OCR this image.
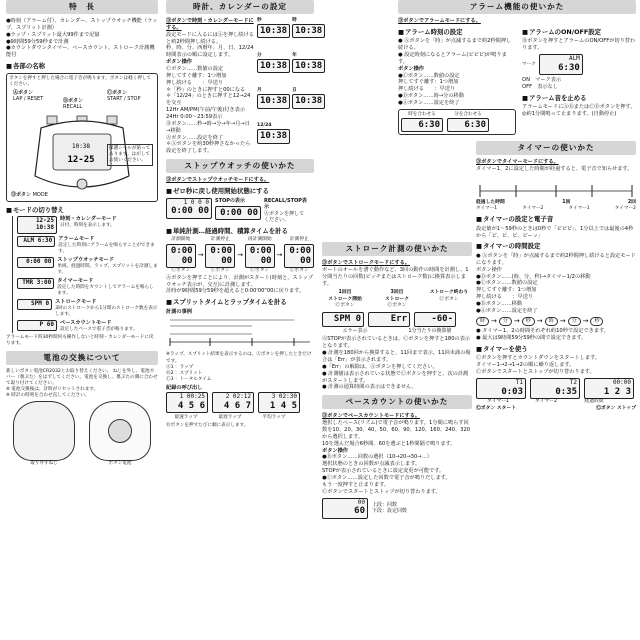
特　長
●時刻（アラーム付）、カレンダー、ストップウオッチ機能（ラップ、スプリット計測）
●ラップ・スプリット最大99件まで記憶
●9時間59分59秒まで計測
●カウントダウンタイマー、ペースカウント、ストローク計測機能付
■ 各部の名称
ボタンを押すと押した場合に電子音が鳴ります。ボタンは軽く押してください。
Ⓐボタン
LAP / RESET	Ⓑボタン
RECALL
Ⓒボタン
START / STOP
10:38
12-25
保護シールが貼ってあります。はがしてお使いください。
Ⓓボタン MODE
■ モードの切り替え
12-25 10:38
時刻・カレンダーモード
日付、時刻を表示します。
ALM 6:30 アラームモード
設定した時刻にアラームを鳴らすことができます。
0:00 00 ストップウオッチモード
単純、経過時間、ラップ、スプリットを計測します。
TMR 3:00 タイマーモード
設定した時間をカウントしてアラームを鳴らします。
SPM 0 ストロークモード
3回のストロークから1分間のストローク数を表示します。
P 60 ペースカウントモード
設定したペースで電子音が鳴ります。
アラームモード時30秒間何も操作しないと時刻・カレンダーモードに戻ります。
電池の交換について
新しいボタン電池CR2032とお取り替えください。 ねじを外し、電池カバー（裏ぶた）をはずしてください。電池を交換し、裏ぶたの溝に合わせて取り付けてください。
※ 電池交換後は、計時がリセットされます。
※ 時計の時刻を合わせ直してください。
取り外すねじ	ボタン電池
時計、カレンダーの設定
Ⓓボタンで時刻・カレンダーモードにする。
設定モードに入るにはⒶを押し続けると約2秒間押し続ける。
秒、時、分、西暦年、月、日、12/24時間表示の順に設定します。
ボタン操作
Ⓒボタン……数値の設定
押してすぐ離す：1つ増加
押し続ける　　：早送り
＊「秒」のときに押すと00になる
＊「12/24」のときに押すと12→24を交互
12Hr AM/PM(午前/午後)付き表示
24Hr 0:00〜23:59表示
Ⓓボタン……秒→時→分→年→月→日→移動
Ⓐボタン……設定を終了
＊Ⓐボタンを約30秒押さなかったら設定を終了します。
秒
10:38
時
10:38
分
10:38
年
10:38
月
10:38
日
10:38
12/24
10:38
ストップウオッチの使いかた
Ⓓボタンでストップウオッチモードにする。
■ ゼロ秒に戻し使用開始状態にする
1 0 0 0
0:00 00
STOPの表示
0:00 00
RECALL/STOP表示
Ⓐボタンを押してください。
■ 単純計測…経過時間、積算タイムを計る
計測開始
0:00 00
Ⓒボタン
→
計測停止
0:00 00
Ⓒボタン
→
再計測開始
0:00 00
Ⓒボタン
→
計測停止
0:00 00
Ⓒボタン
Ⓐボタンを押すことにより、計測がスタート(時刻と、ストップウオッチ表示が、交互)に計測します。
計時が9時間59分59秒を超えると0:00'00"00に戻ります。
■ スプリットタイムとラップタイムを計る
計測の事例
※ラップ、スプリット結果を表示するのは、Ⓐボタンを押したときだけです。
Ⓐ1 ：ラップ
Ⓑ2 ：スプリット
Ⓒ3 ：トータルタイム
記録の呼び出し
1 00:25
4 5 6
2 02:12
4 6 7
3 02:30
1 4 5
最速ラップ	最遅ラップ	平均ラップ
Ⓑボタンを押すたびに順に表示します。
ストローク計測の使いかた
Ⓓボタンでストロークモードにする。
ボートのオールを漕ぐ動作など、3回の動作の時間を計測し、1分間当たりの回数(ピッチまたはストローク数)に換算表示します。
1回目
ストローク開始
Ⓒボタン
3回目
ストローク
Ⓒボタン
ストローク終わり
Ⓒボタン
SPM 0	Err	-60-
エラー表示	1分当たりの換算値
ⓈSTOPが表示されているときは、Ⓒボタンを押すと180の表示となります。
● 計測を180回から換算すると、11回まで表示。11回未満の場合は「Err」が表示されます。
●「Err」の解除は、Ⓐボタンを押してください。
● 計測値は表示されている状態でⒸボタンを押すと、次の計測がスタートします。
● 計測の通算時間の表示はできません。
ペースカウントの使いかた
Ⓓボタンでペースカウントモードにする。
選択したペース(リズム)で電子音が鳴ります。1分間に鳴らす回数を10、20、30、40、50、60、90、120、160、240、320から選択します。
10を選んだ場合6秒間、60を選ぶと1秒間隔で鳴ります。
ボタン操作
●Ⓑボタン……回数の選択（10→20→30→…）
選択状態のときの回数が点滅表示します。
STOPが表示されているときに設定変更が可能です。
●Ⓒボタン……設定した回数で電子音が鳴りだします。
もう一度押すと止まります。
Ⓒボタンでスタートとストップが切り替わります。
00
60
上段：回数
下段：設定回数
アラーム機能の使いかた
Ⓓボタンでアラームモードにする。
■ アラーム時刻の設定
● Ⓐボタンを「時」が点滅するまで約2秒間押し続ける。
● 設定時刻になるとアラーム(ピピピ)が鳴ります。
ボタン操作
●Ⓒボタン……数値の設定
押してすぐ離す：1つ増加
押し続ける　　：早送り
●Ⓓボタン……時→分の移動
●Ⓐボタン……設定を終了
時を合わせる
6:30
分を合わせる
6:30
■ アラームのON/OFF設定
Ⓑボタンを押すとアラームのON/OFFが切り替わります。
マーク
ALM
6:30
ON　マーク表示
OFF　表示なし
■ アラーム音を止める
アラームモードにⒶⒷまたはⒸⒹボタンを押す。
◎約1分間鳴って止まります。(自動停止)
タイマーの使いかた
Ⓓボタンでタイマーモードにする。
タイマー1、2に設定した時間が経過すると、電子音で知らせます。
経過した時間	1回	2回
タイマー1	タイマー2	タイマー1	タイマー2
■ タイマーの設定と電子音
設定値が1〜59秒のときは0秒で「ピピピ」、1分以上では最後の4秒から「ピ、ピ、ピ、ピーッ」
■ タイマーの時間設定
● Ⓐボタンを「時」が点滅するまで約2秒間押し続けると設定モードになります。
ボタン操作
●Ⓓボタン……(時、分、秒)→タイマー1/2の移動
●Ⓒボタン……数値の設定
押してすぐ離す：1つ増加
押し続ける　　：早送り
●Ⓑボタン……移動
●Ⓐボタン……設定を終了
時 →	分 →	秒 →	時 →	分 →	秒
● タイマー1、2の時間それぞれ約10秒で設定できます。
● 最大は9時間59分59秒の間で設定できます。
■ タイマーを使う
Ⓒボタンを押すとカウントダウンをスタートします。
タイマー1→2→1→2の順に繰り返します。
Ⓒボタンでスタートとストップが切り替わります。
T1
0:03
T2
0:35
00:00
1 2 3
タイマー1	タイマー2	経過時間
Ⓒボタン スタート	Ⓒボタン ストップ
